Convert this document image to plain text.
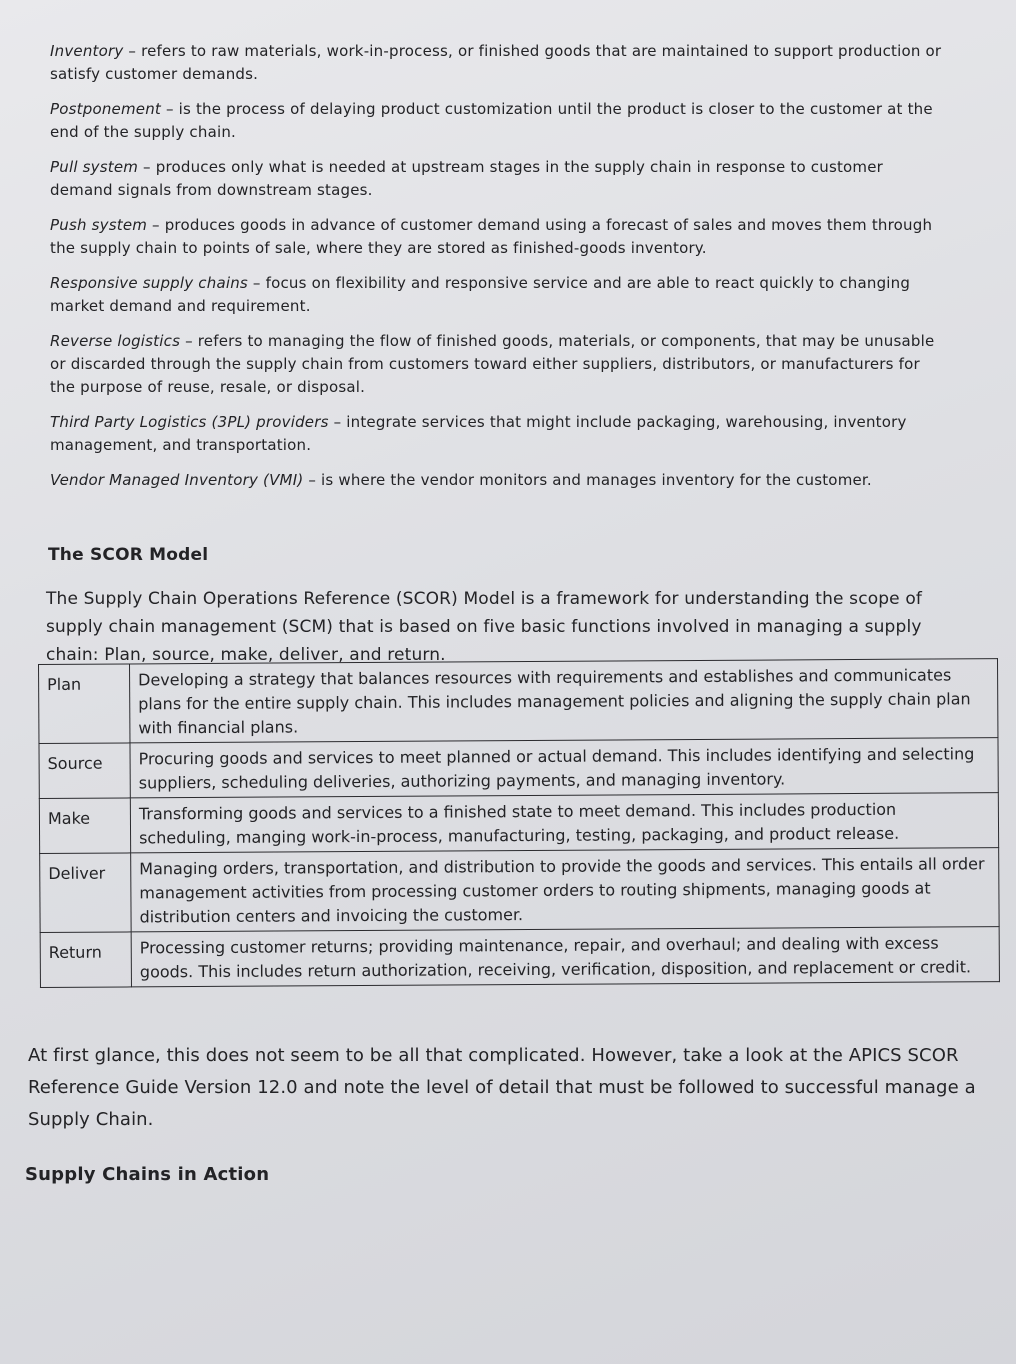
Inventory – refers to raw materials, work-in-process, or finished goods that are maintained to support production or satisfy customer demands.

Postponement – is the process of delaying product customization until the product is closer to the customer at the end of the supply chain.

Pull system – produces only what is needed at upstream stages in the supply chain in response to customer demand signals from downstream stages.

Push system – produces goods in advance of customer demand using a forecast of sales and moves them through the supply chain to points of sale, where they are stored as finished-goods inventory.

Responsive supply chains – focus on flexibility and responsive service and are able to react quickly to changing market demand and requirement.

Reverse logistics – refers to managing the flow of finished goods, materials, or components, that may be unusable or discarded through the supply chain from customers toward either suppliers, distributors, or manufacturers for the purpose of reuse, resale, or disposal.

Third Party Logistics (3PL) providers – integrate services that might include packaging, warehousing, inventory management, and transportation.

Vendor Managed Inventory (VMI) – is where the vendor monitors and manages inventory for the customer.

The SCOR Model
The Supply Chain Operations Reference (SCOR) Model is a framework for understanding the scope of supply chain management (SCM) that is based on five basic functions involved in managing a supply chain: Plan, source, make, deliver, and return.
Plan	Developing a strategy that balances resources with requirements and establishes and communicates plans for the entire supply chain. This includes management policies and aligning the supply chain plan with financial plans.
Source	Procuring goods and services to meet planned or actual demand. This includes identifying and selecting suppliers, scheduling deliveries, authorizing payments, and managing inventory.
Make	Transforming goods and services to a finished state to meet demand. This includes production scheduling, manging work-in-process, manufacturing, testing, packaging, and product release.
Deliver	Managing orders, transportation, and distribution to provide the goods and services. This entails all order management activities from processing customer orders to routing shipments, managing goods at distribution centers and invoicing the customer.
Return	Processing customer returns; providing maintenance, repair, and overhaul; and dealing with excess goods. This includes return authorization, receiving, verification, disposition, and replacement or credit.
At first glance, this does not seem to be all that complicated. However, take a look at the APICS SCOR Reference Guide Version 12.0 and note the level of detail that must be followed to successful manage a Supply Chain.
Supply Chains in Action
